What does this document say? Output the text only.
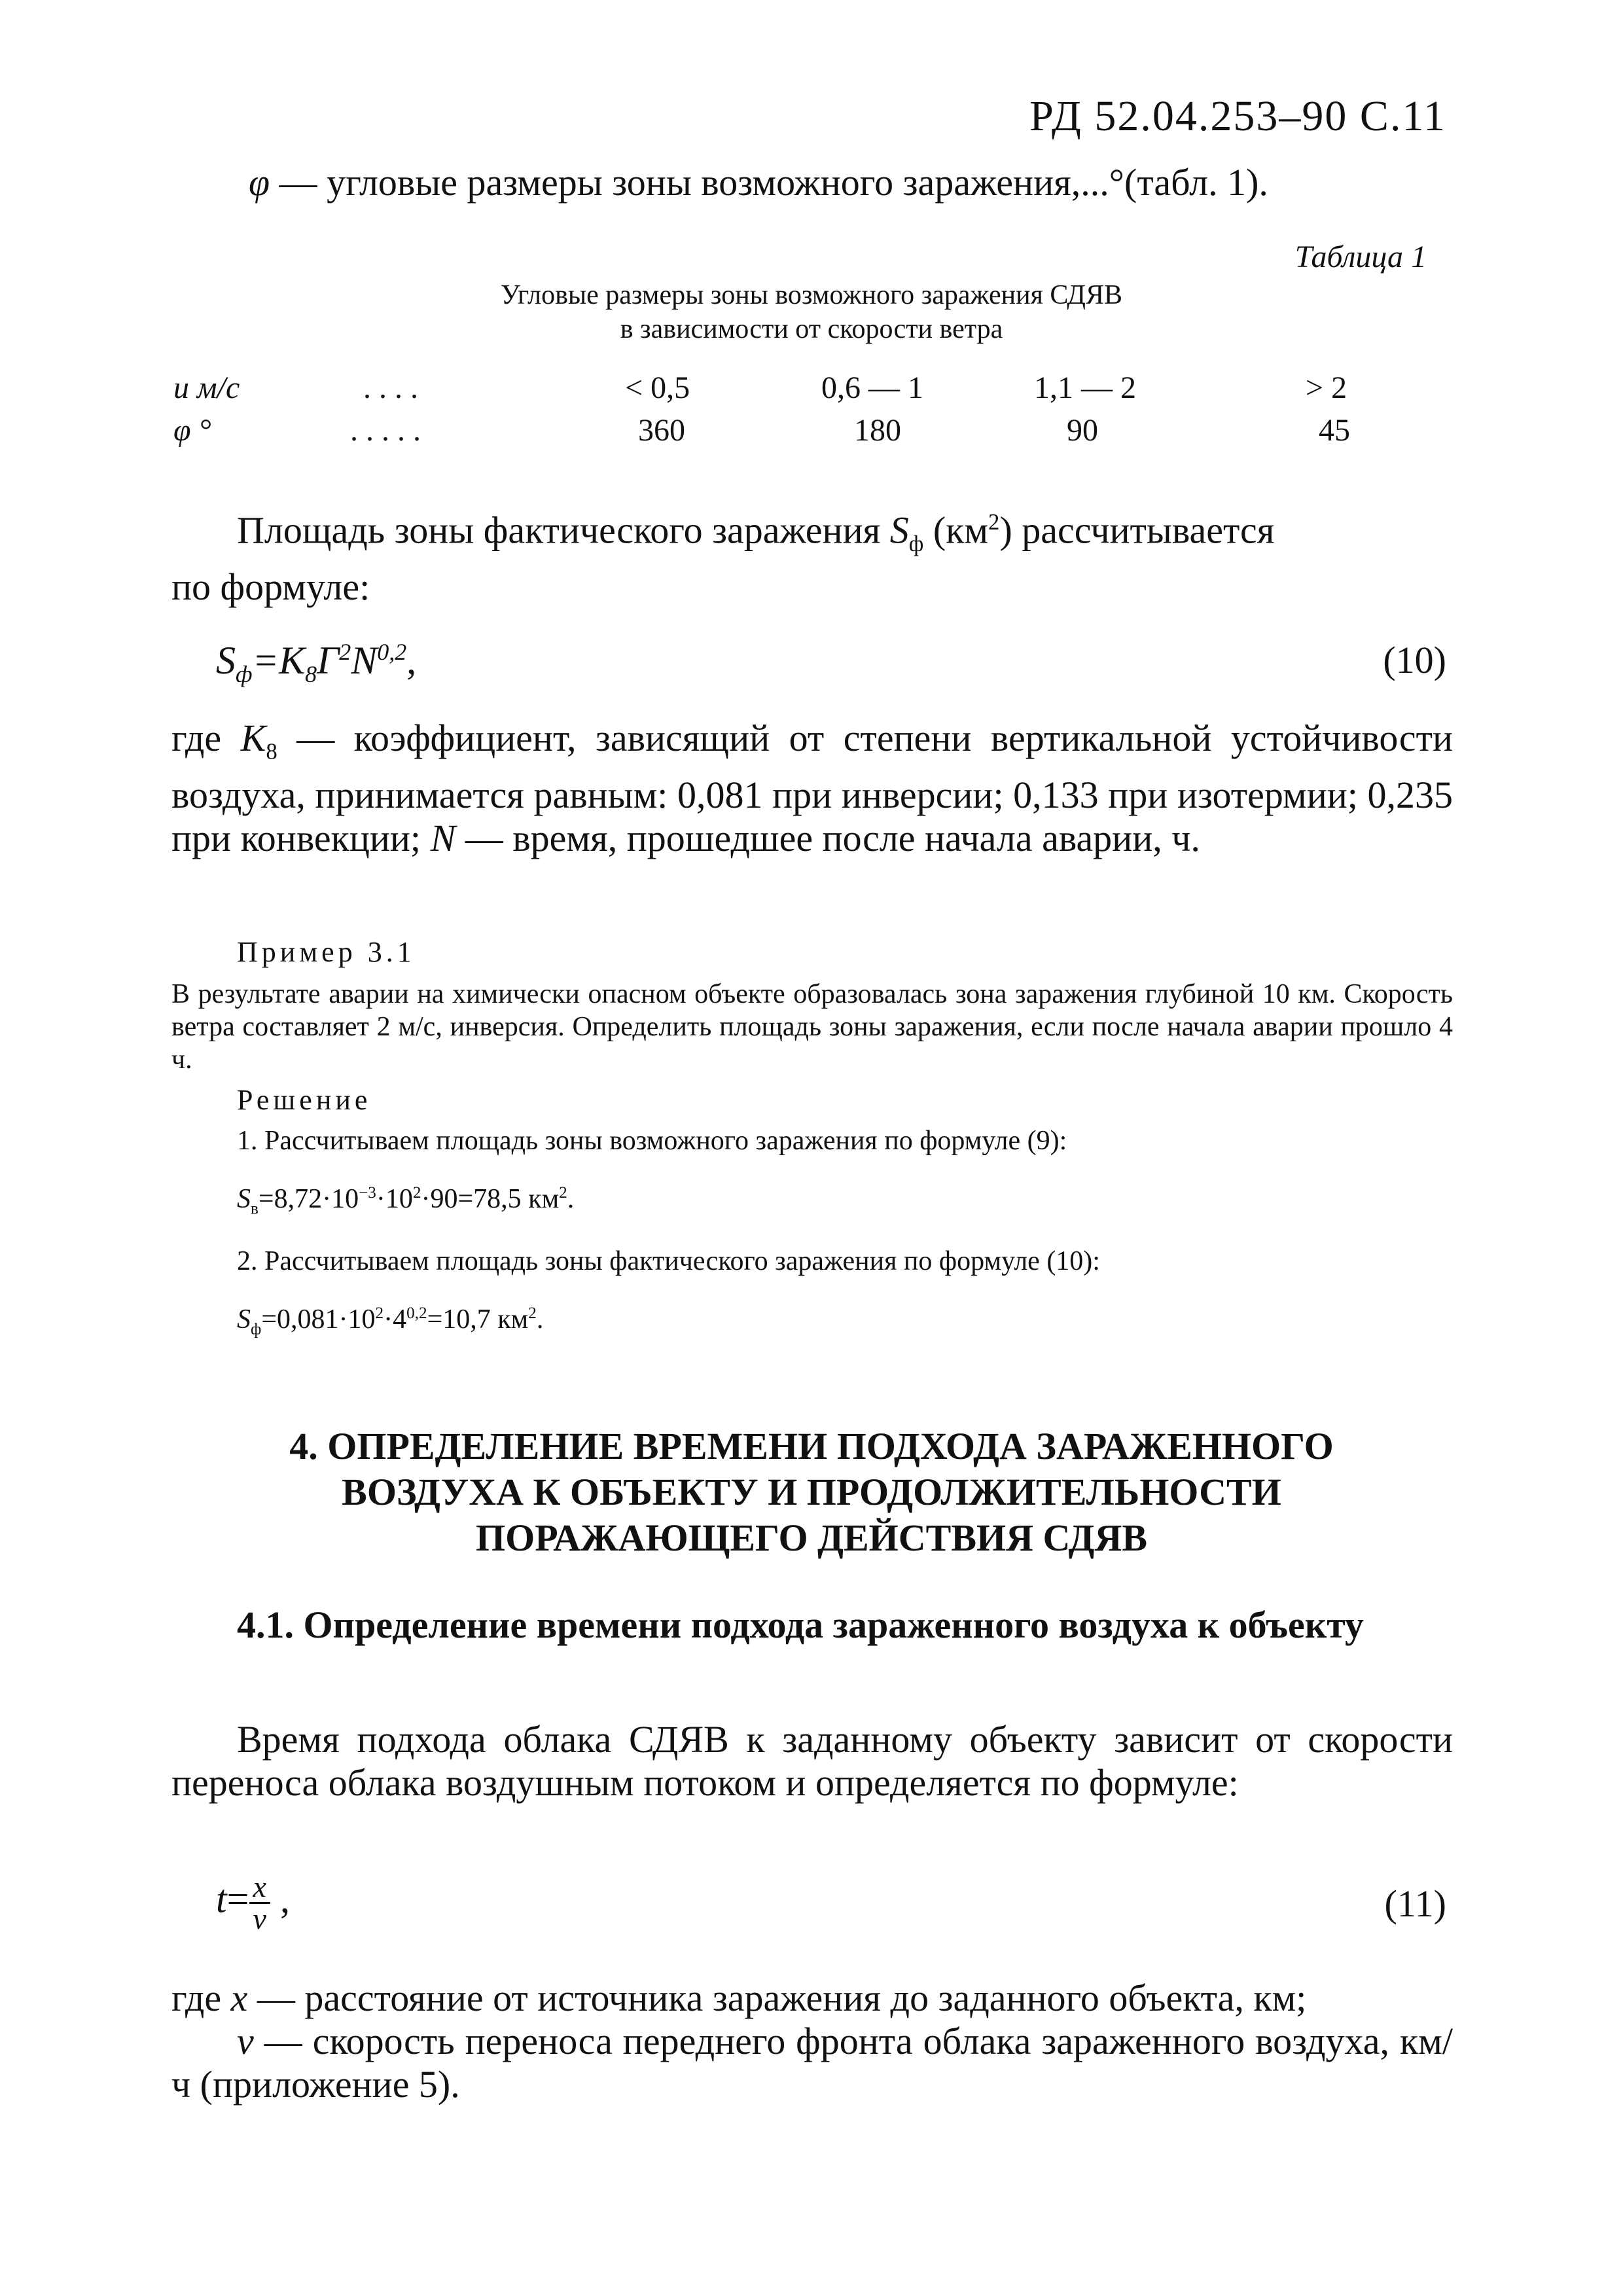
РД 52.04.253–90 С.11
φ — угловые размеры зоны возможного заражения,...°(табл. 1).
Таблица 1
Угловые размеры зоны возможного заражения СДЯВ
в зависимости от скорости ветра
u м/с	. . . .	< 0,5	0,6 — 1	1,1 — 2	> 2
φ °	. . . . .	360	180	90	45

Площадь зоны фактического заражения $S_ф$ $(км^2)$ рассчитывается

по формуле:

$S_ф=K_8Г^2N^{0,2}$,	(10)

где $K_8$ — коэффициент, зависящий от степени вертикальной устойчивости воздуха, принимается равным: 0,081 при инверсии; 0,133 при изотермии; 0,235 при конвекции; N — время, прошедшее после начала аварии, ч.

Пример 3.1
В результате аварии на химически опасном объекте образовалась зона заражения глубиной 10 км. Скорость ветра составляет 2 м/с, инверсия. Определить площадь зоны заражения, если после начала аварии прошло 4 ч.
Решение
1. Рассчитываем площадь зоны возможного заражения по формуле (9):
$S_в=8,72\cdot 10^{-3}\cdot 10^2\cdot 90=78,5$ $км^2$.
2. Рассчитываем площадь зоны фактического заражения по формуле (10):
$S_ф=0,081\cdot 10^2\cdot 4^{0,2}=10,7$ $км^2$.
4. ОПРЕДЕЛЕНИЕ ВРЕМЕНИ ПОДХОДА ЗАРАЖЕННОГО
ВОЗДУХА К ОБЪЕКТУ И ПРОДОЛЖИТЕЛЬНОСТИ
ПОРАЖАЮЩЕГО ДЕЙСТВИЯ СДЯВ
4.1. Определение времени подхода зараженного воздуха к объекту

Время подхода облака СДЯВ к заданному объекту зависит от скорости переноса облака воздушным потоком и определяется по формуле:

$t= \frac{x}{v}$ ,	(11)

где x — расстояние от источника заражения до заданного объекта, км;

v — скорость переноса переднего фронта облака зараженного воздуха, км/ч (приложение 5).
